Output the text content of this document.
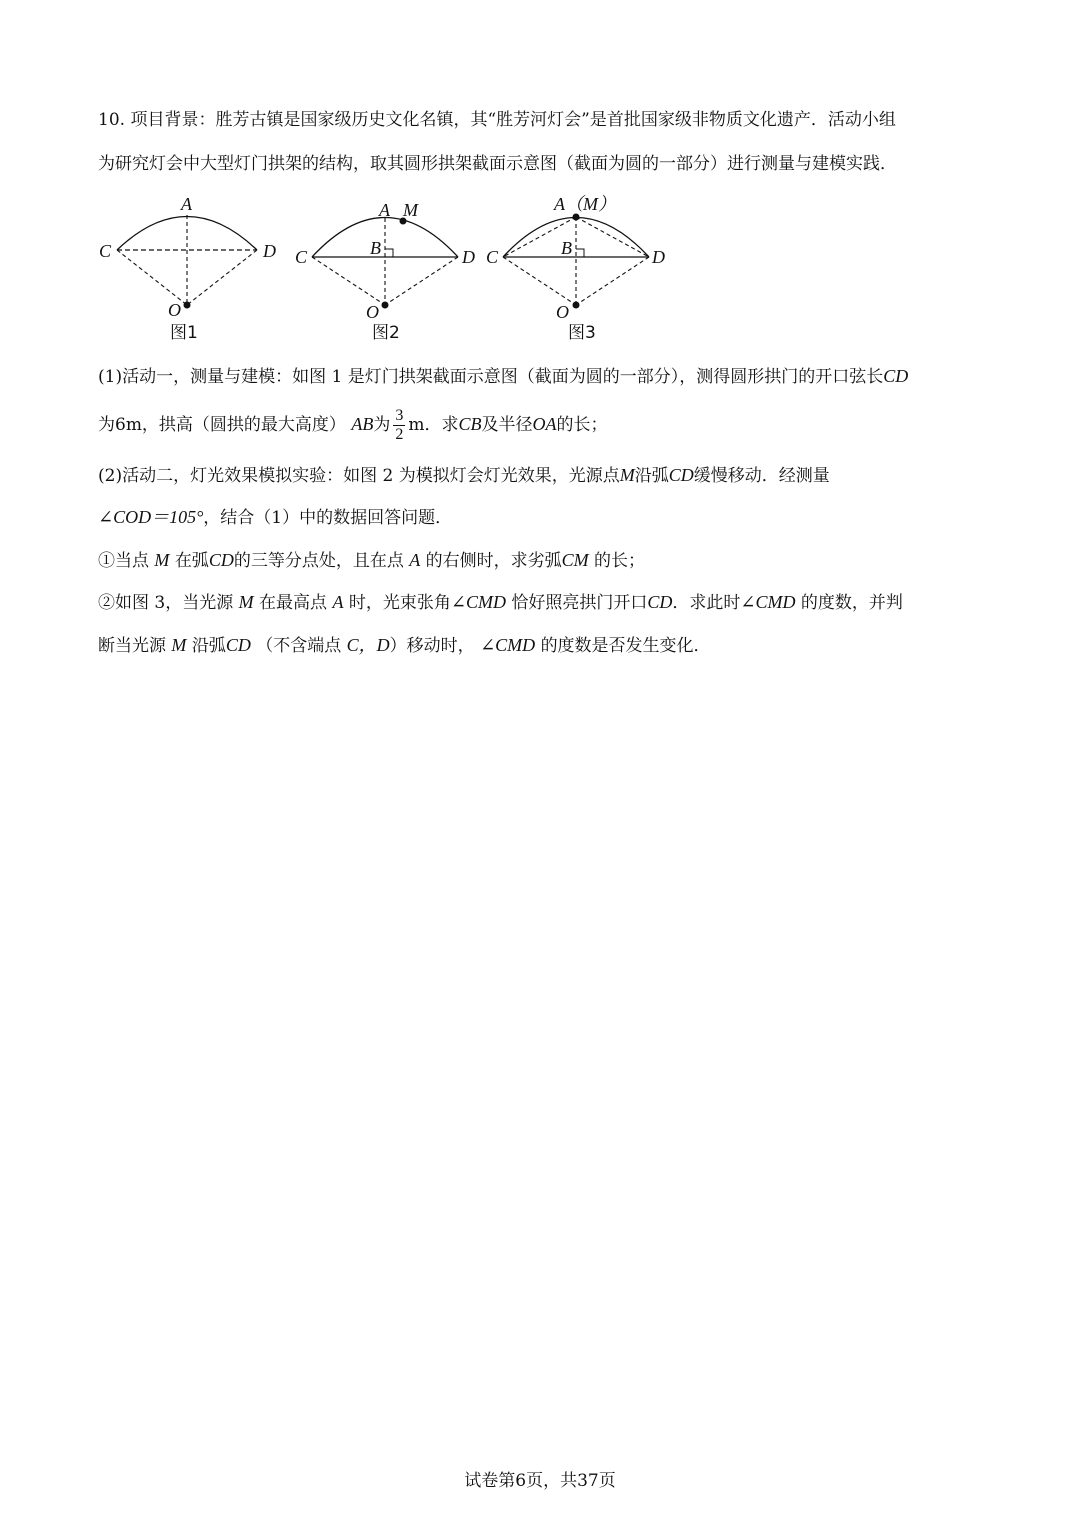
10. 项目背景：胜芳古镇是国家级历史文化名镇，其“胜芳河灯会”是首批国家级非物质文化遗产．活动小组
为研究灯会中大型灯门拱架的结构，取其圆形拱架截面示意图（截面为圆的一部分）进行测量与建模实践．
A
C	D
O
图1
A M
B
C	D
O
图2
A（M）
B
C	D
O
图3
(1)活动一，测量与建模：如图 1 是灯门拱架截面示意图（截面为圆的一部分），测得圆形拱门的开口弦长CD
为6m，拱高（圆拱的最大高度） AB为 $\frac{3}{2}$ m．求CB及半径OA的长；
(2)活动二，灯光效果模拟实验：如图 2 为模拟灯会灯光效果，光源点M沿弧CD缓慢移动．经测量
∠COD＝105°，结合（1）中的数据回答问题．
①当点 M 在弧CD的三等分点处，且在点 A 的右侧时，求劣弧CM 的长；
②如图 3，当光源 M 在最高点 A 时，光束张角∠CMD 恰好照亮拱门开口CD．求此时∠CMD 的度数，并判
断当光源 M 沿弧CD （不含端点 C，D）移动时， ∠CMD 的度数是否发生变化．
试卷第6页，共37页
